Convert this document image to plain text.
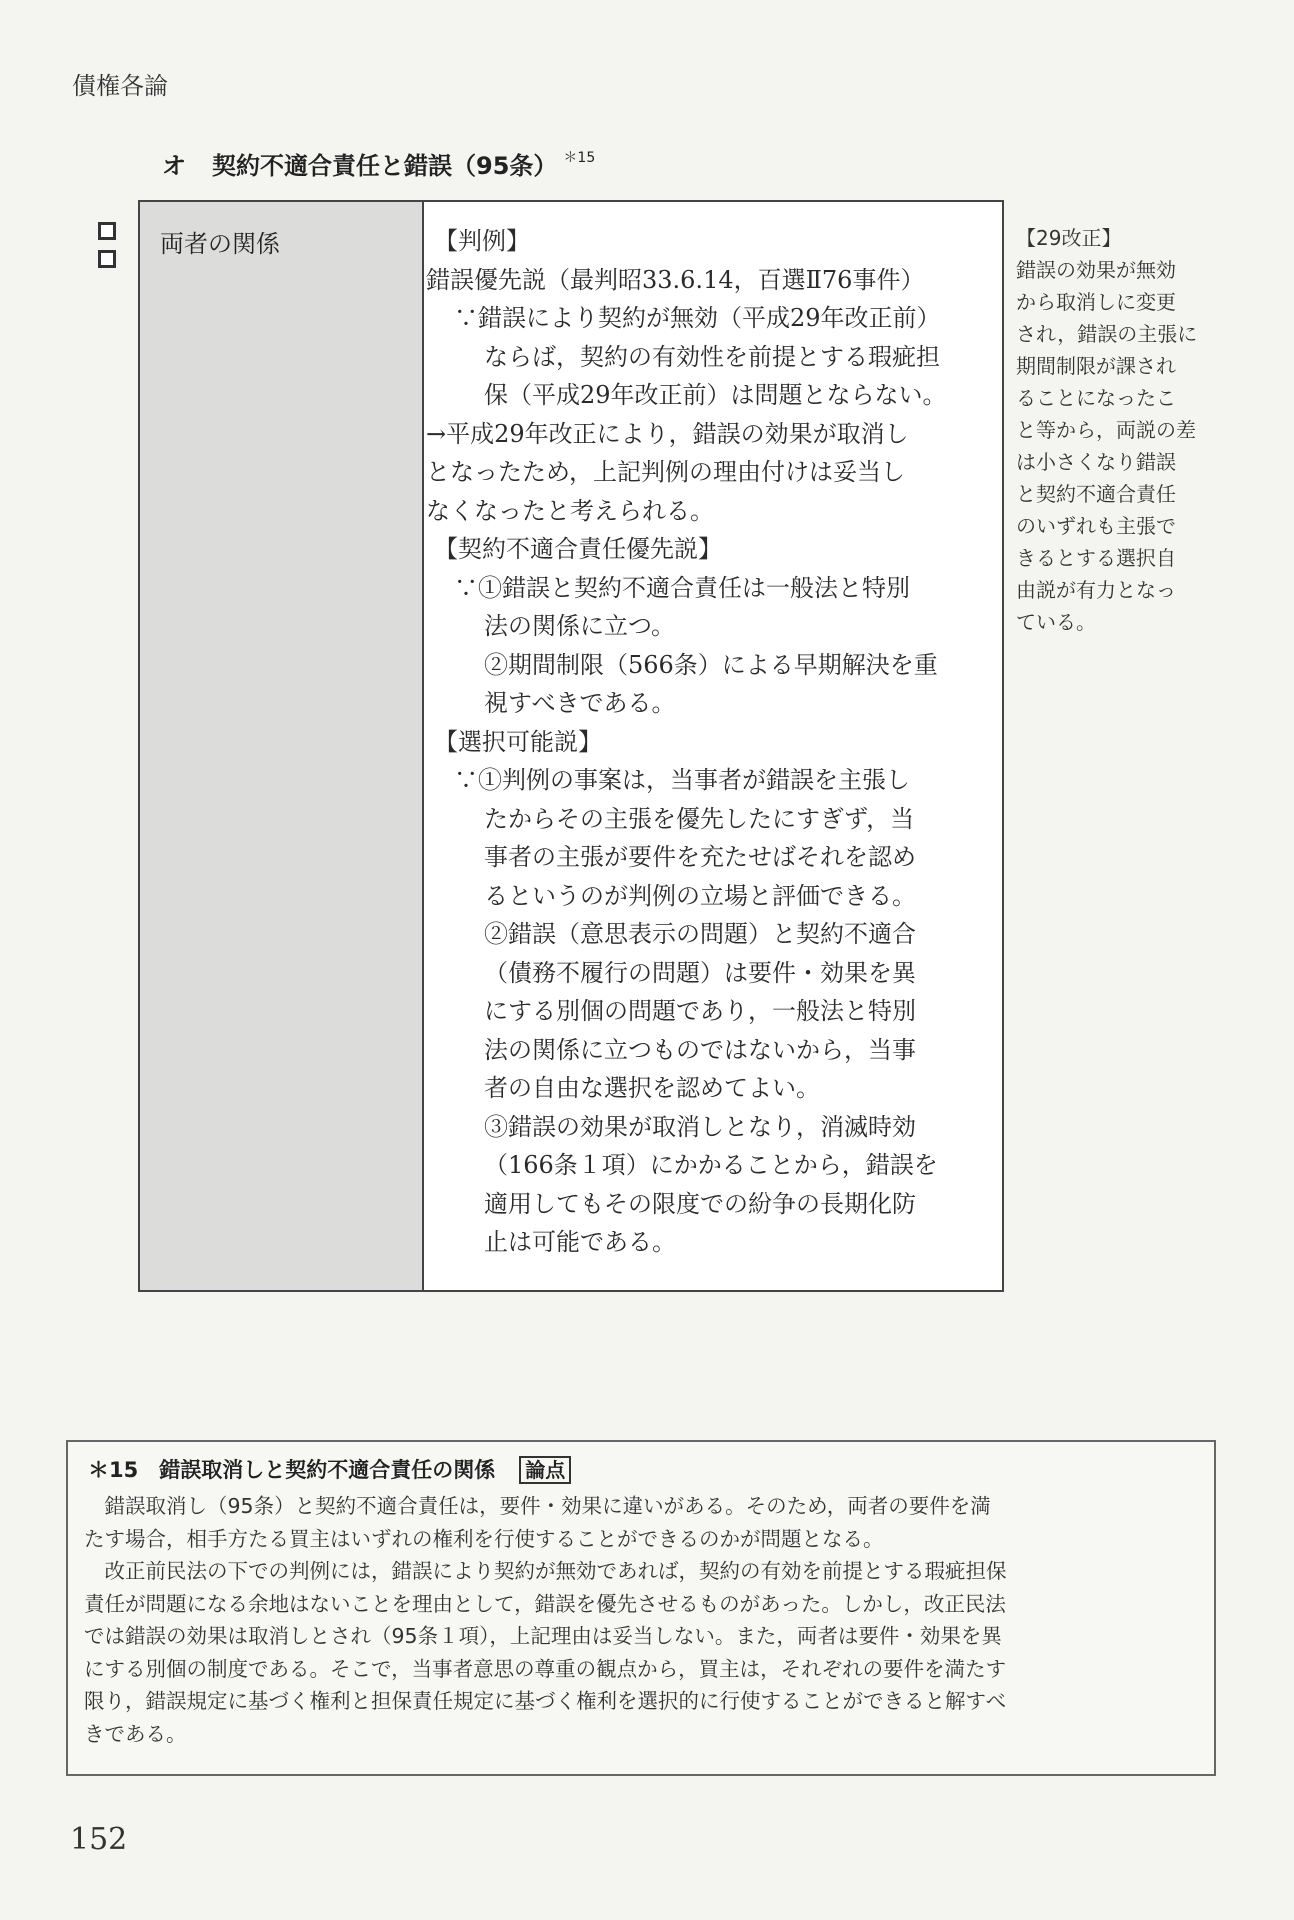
債権各論
オ 契約不適合責任と錯誤（95条） $^{*15}$
両者の関係	【判例】
錯誤優先説（最判昭33.6.14，百選Ⅱ76事件）
∵錯誤により契約が無効（平成29年改正前）
ならば，契約の有効性を前提とする瑕疵担
保（平成29年改正前）は問題とならない。
→平成29年改正により，錯誤の効果が取消し
となったため，上記判例の理由付けは妥当し
なくなったと考えられる。
【契約不適合責任優先説】
∵①錯誤と契約不適合責任は一般法と特別
法の関係に立つ。
②期間制限（566条）による早期解決を重
視すべきである。
【選択可能説】
∵①判例の事案は，当事者が錯誤を主張し
たからその主張を優先したにすぎず，当
事者の主張が要件を充たせばそれを認め
るというのが判例の立場と評価できる。
②錯誤（意思表示の問題）と契約不適合
（債務不履行の問題）は要件・効果を異
にする別個の問題であり，一般法と特別
法の関係に立つものではないから，当事
者の自由な選択を認めてよい。
③錯誤の効果が取消しとなり，消滅時効
（166条１項）にかかることから，錯誤を
適用してもその限度での紛争の長期化防
止は可能である。
【29改正】
錯誤の効果が無効
から取消しに変更
され，錯誤の主張に
期間制限が課され
ることになったこ
と等から，両説の差
は小さくなり錯誤
と契約不適合責任
のいずれも主張で
きるとする選択自
由説が有力となっ
ている。
＊15　 錯誤取消しと契約不適合責任の関係 論点
　錯誤取消し（95条）と契約不適合責任は，要件・効果に違いがある。そのため，両者の要件を満
たす場合，相手方たる買主はいずれの権利を行使することができるのかが問題となる。
　改正前民法の下での判例には，錯誤により契約が無効であれば，契約の有効を前提とする瑕疵担保
責任が問題になる余地はないことを理由として，錯誤を優先させるものがあった。しかし，改正民法
では錯誤の効果は取消しとされ（95条１項），上記理由は妥当しない。また，両者は要件・効果を異
にする別個の制度である。そこで，当事者意思の尊重の観点から，買主は，それぞれの要件を満たす
限り，錯誤規定に基づく権利と担保責任規定に基づく権利を選択的に行使することができると解すべ
きである。
152
